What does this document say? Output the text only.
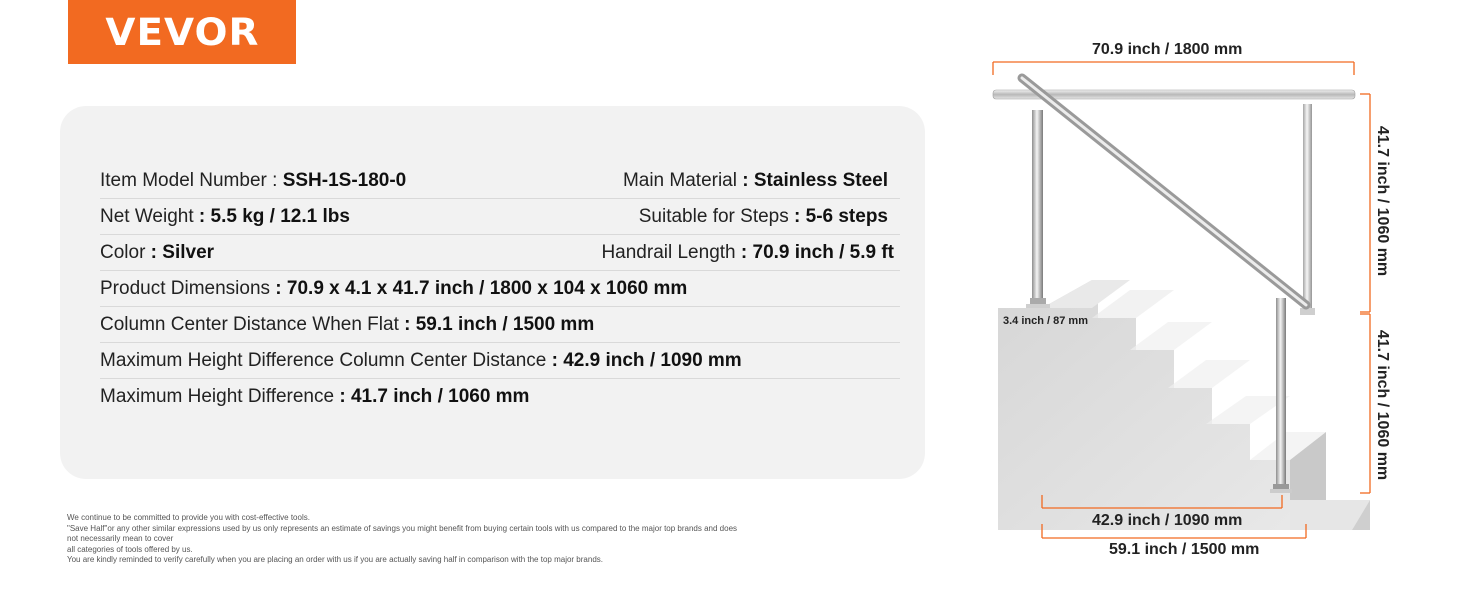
VEVOR
Item Model Number : SSH-1S-180-0	Main Material : Stainless Steel
Net Weight : 5.5 kg / 12.1 lbs	Suitable for Steps : 5-6 steps
Color : Silver	Handrail Length : 70.9 inch / 5.9 ft
Product Dimensions : 70.9 x 4.1 x 41.7 inch / 1800 x 104 x 1060 mm
Column Center Distance When Flat : 59.1 inch / 1500 mm
Maximum Height Difference Column Center Distance : 42.9 inch / 1090 mm
Maximum Height Difference : 41.7 inch / 1060 mm
We continue to be committed to provide you with cost-effective tools.
"Save Half"or any other similar expressions used by us only represents an estimate of savings you might benefit from buying certain tools with us compared to the major top brands and does
not necessarily mean to cover
all categories of tools offered by us.
You are kindly reminded to verify carefully when you are placing an order with us if you are actually saving half in comparison with the top major brands.
70.9 inch / 1800 mm
41.7 inch / 1060 mm
41.7 inch / 1060 mm
3.4 inch / 87 mm
42.9 inch / 1090 mm
59.1 inch / 1500 mm
